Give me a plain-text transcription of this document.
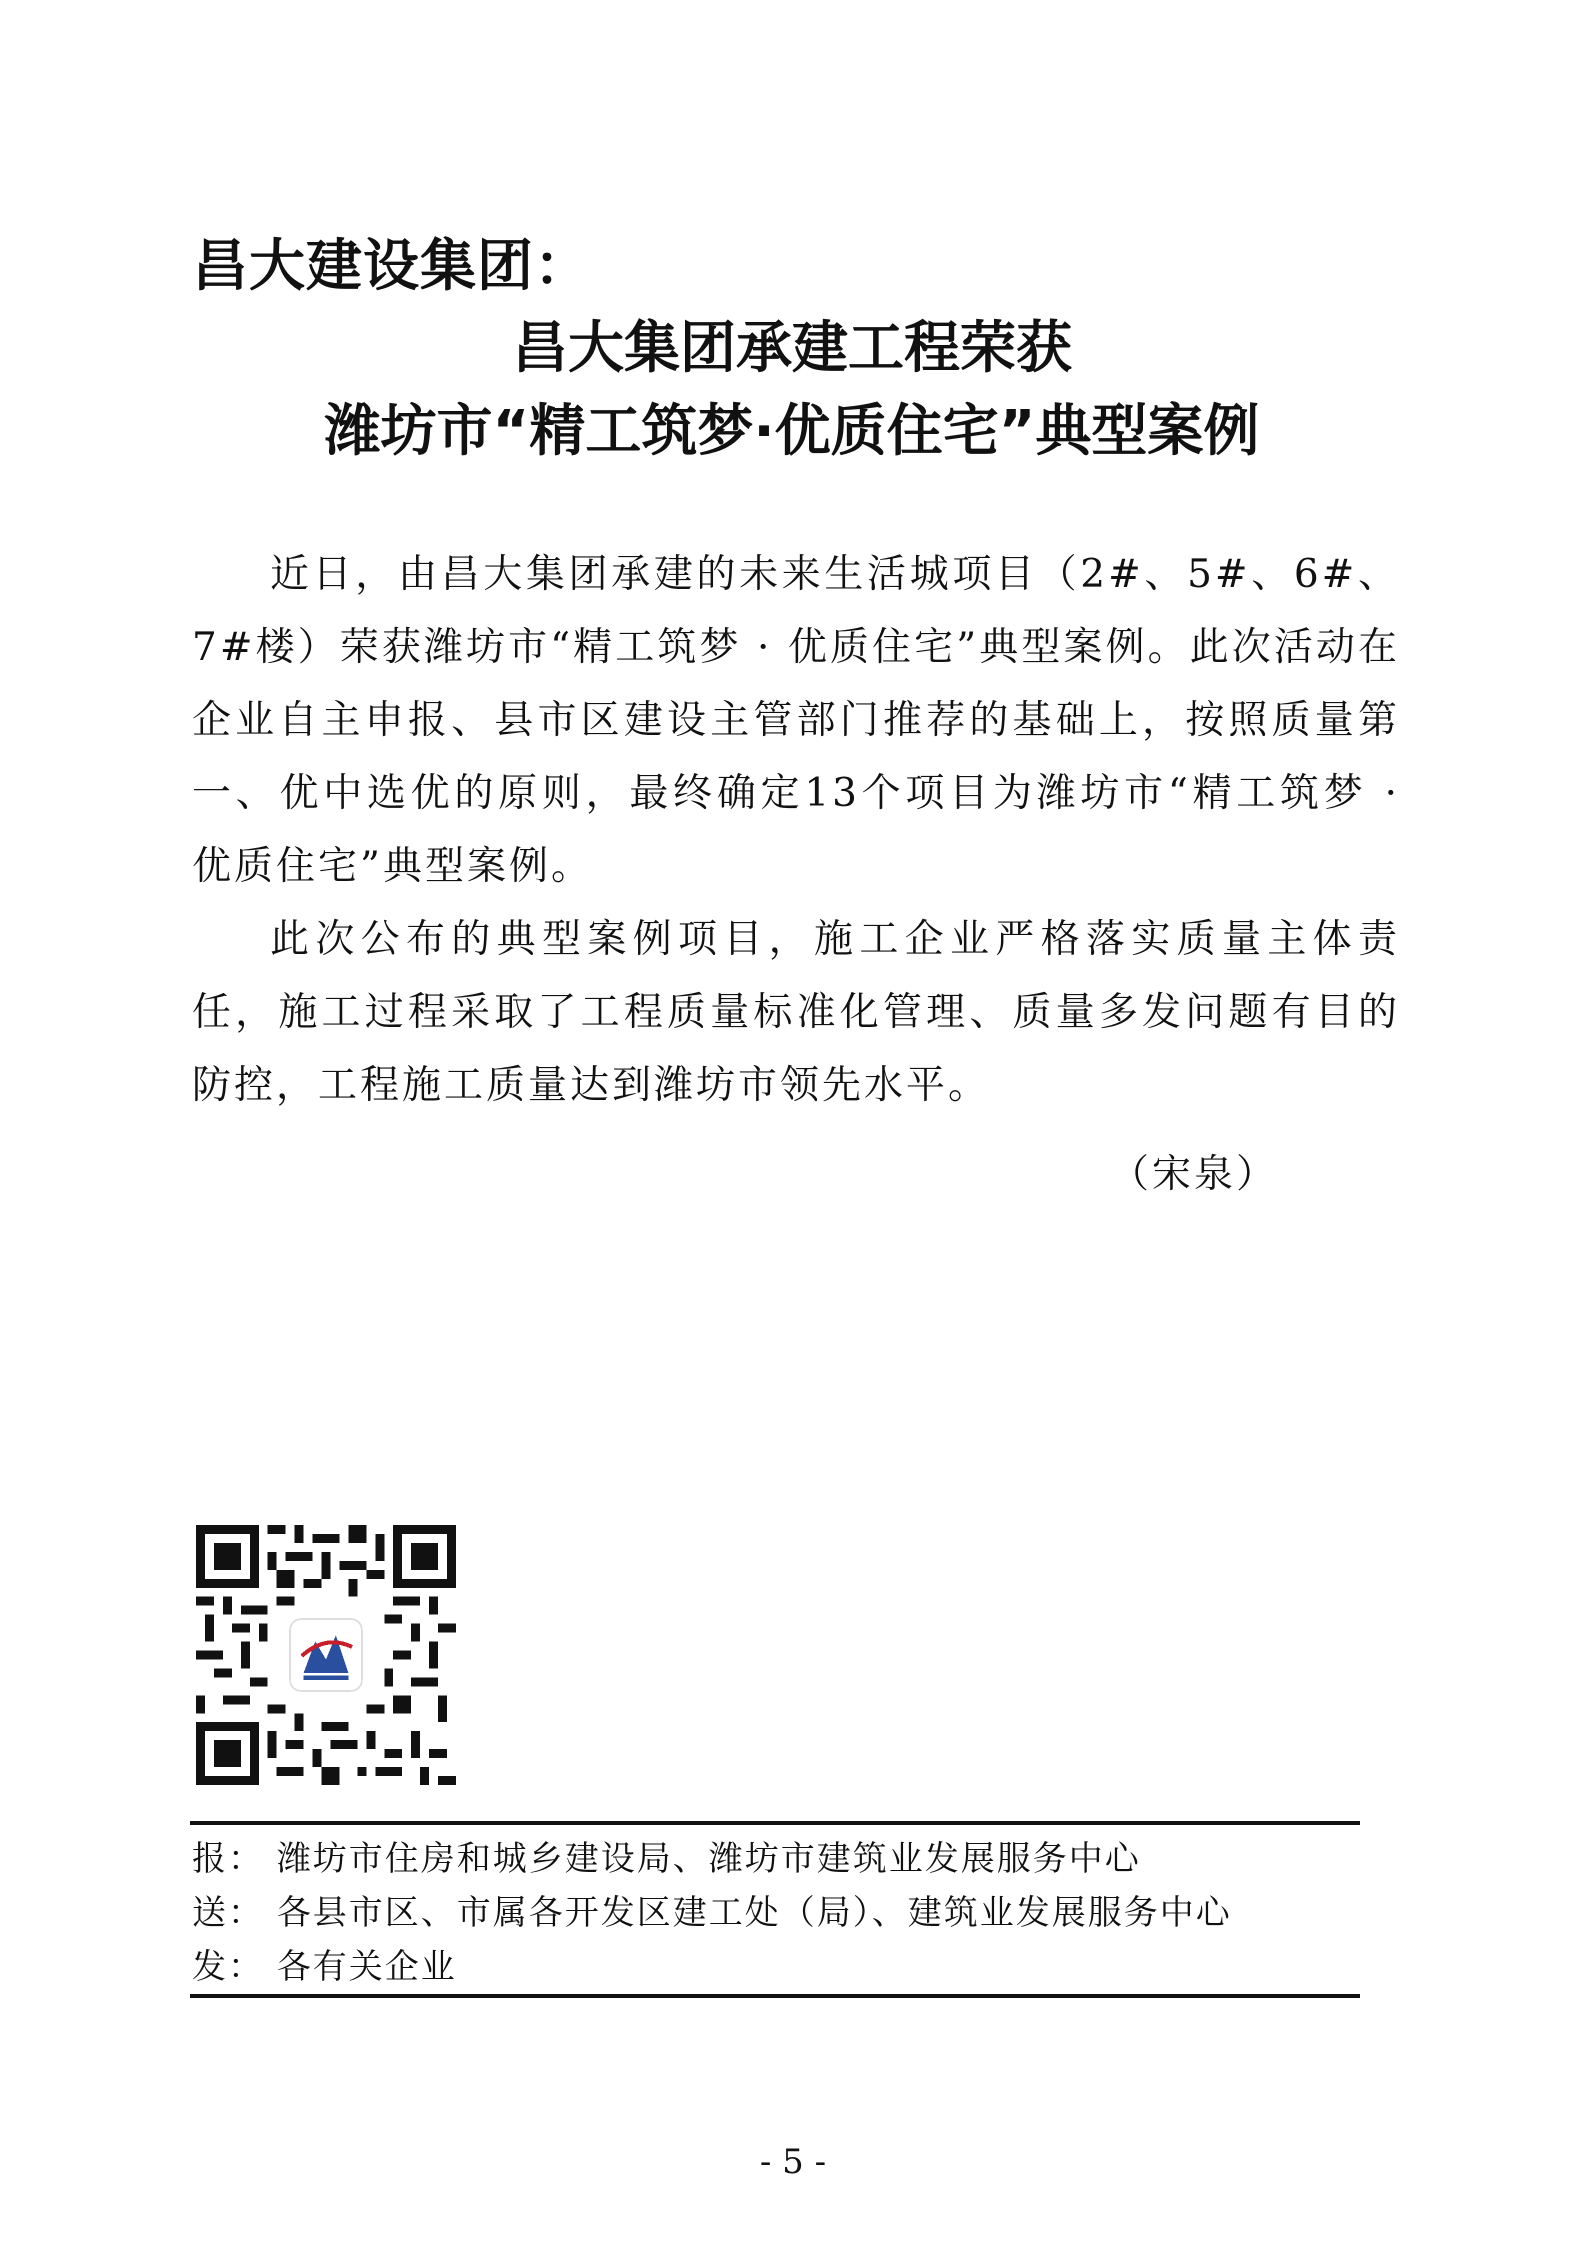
昌大建设集团：
昌大集团承建工程荣获
潍坊市“精工筑梦·优质住宅”典型案例

近日，由昌大集团承建的未来生活城项目（2#、5#、6#、7#楼）荣获潍坊市“精工筑梦 · 优质住宅”典型案例。此次活动在企业自主申报、县市区建设主管部门推荐的基础上，按照质量第一、优中选优的原则，最终确定13个项目为潍坊市“精工筑梦 · 优质住宅”典型案例。

此次公布的典型案例项目，施工企业严格落实质量主体责任，施工过程采取了工程质量标准化管理、质量多发问题有目的防控，工程施工质量达到潍坊市领先水平。

（宋泉）
报： 潍坊市住房和城乡建设局、潍坊市建筑业发展服务中心
送： 各县市区、市属各开发区建工处（局）、建筑业发展服务中心
发： 各有关企业
- 5 -
